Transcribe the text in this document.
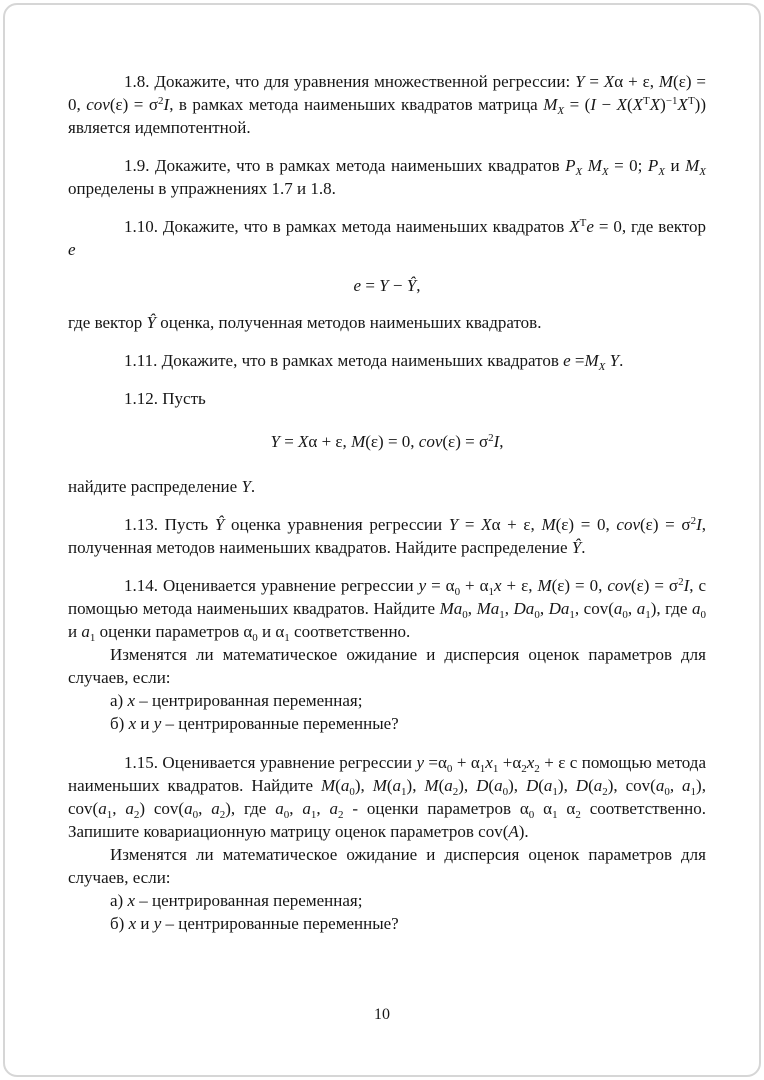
1.8. Докажите, что для уравнения множественной регрессии: Y = Xα + ε, M(ε) = 0, $cov(\varepsilon) = \sigma^2I$, в рамках метода наименьших квадратов матрица $M_X = (I - X(X^TX)^{-1}X^T)$) является идемпотентной.

1.9. Докажите, что в рамках метода наименьших квадратов $P_X$ $M_X = 0$; $P_X$ и $M_X$ определены в упражнениях 1.7 и 1.8.

1.10. Докажите, что в рамках метода наименьших квадратов $X^Te = 0$, где вектор e

e = Y − Ŷ,

где вектор Ŷ оценка, полученная методов наименьших квадратов.

1.11. Докажите, что в рамках метода наименьших квадратов $e =M_X$ Y.

1.12. Пусть

Y = Xα + ε, M(ε) = 0, $cov(\varepsilon) = \sigma^2I$,

найдите распределение Y.

1.13. Пусть Ŷ оценка уравнения регрессии Y = Xα + ε, M(ε) = 0, $cov(\varepsilon) = \sigma^2I$, полученная методов наименьших квадратов. Найдите распределение Ŷ.

1.14. Оценивается уравнение регрессии $y = \alpha_0 + \alpha_1x + \varepsilon$, M(ε) = 0, $cov(\varepsilon) = \sigma^2I$, с помощью метода наименьших квадратов. Найдите $Ma_0$, $Ma_1$, $Da_0$, $Da_1$, $cov(a_0$, $a_1$), где $a_0$ и $a_1$ оценки параметров $\alpha_0$ и $\alpha_1$ соответственно.

Изменятся ли математическое ожидание и дисперсия оценок параметров для случаев, если:

а) x – центрированная переменная;

б) x и y – центрированные переменные?

1.15. Оценивается уравнение регрессии $y =\alpha_0 + \alpha_1x_1 +\alpha_2x_2 + \varepsilon$ с помощью метода наименьших квадратов. Найдите $M(a_0)$, $M(a_1)$, $M(a_2)$, $D(a_0)$, $D(a_1)$, $D(a_2)$, $cov(a_0$, $a_1$), $cov(a_1$, $a_2$) $cov(a_0$, $a_2$), где $a_0$, $a_1$, $a_2$ - оценки параметров $\alpha_0$ $\alpha_1$ $\alpha_2$ соответственно. Запишите ковариационную матрицу оценок параметров cov(A).

Изменятся ли математическое ожидание и дисперсия оценок параметров для случаев, если:

а) x – центрированная переменная;

б) x и y – центрированные переменные?

10
